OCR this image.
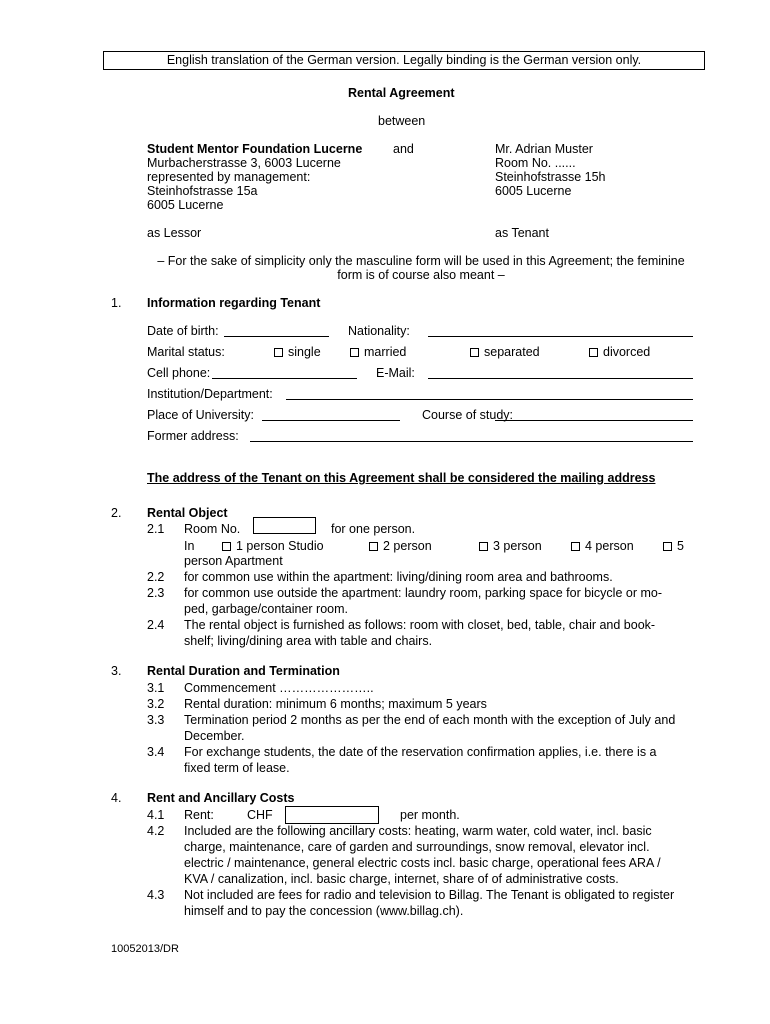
English translation of the German version. Legally binding is the German version only.
Rental Agreement
between
Student Mentor Foundation Lucerne
Murbacherstrasse 3, 6003 Lucerne
represented by management:
Steinhofstrasse 15a
6005 Lucerne
as Lessor
and	Mr. Adrian Muster
Room No. ......
Steinhofstrasse 15h
6005 Lucerne
as Tenant
– For the sake of simplicity only the masculine form will be used in this Agreement; the feminine
form is of course also meant –
1. Information regarding Tenant
Date of birth:	Nationality:
Marital status:	single	married	separated	divorced
Cell phone:	E-Mail:
Institution/Department:
Place of University:	Course of study:
Former address:
The address of the Tenant on this Agreement shall be considered the mailing address
2. Rental Object
2.1 Room No.	for one person.
In	1 person Studio	2 person	3 person	4 person	5
person Apartment
2.2 for common use within the apartment: living/dining room area and bathrooms.
2.3 for common use outside the apartment: laundry room, parking space for bicycle or mo-
ped, garbage/container room.
2.4 The rental object is furnished as follows: room with closet, bed, table, chair and book-
shelf; living/dining area with table and chairs.
3. Rental Duration and Termination
3.1 Commencement …………………..
3.2 Rental duration: minimum 6 months; maximum 5 years
3.3 Termination period 2 months as per the end of each month with the exception of July and
December.
3.4 For exchange students, the date of the reservation confirmation applies, i.e. there is a
fixed term of lease.
4. Rent and Ancillary Costs
4.1 Rent:	CHF	per month.
4.2 Included are the following ancillary costs: heating, warm water, cold water, incl. basic
charge, maintenance, care of garden and surroundings, snow removal, elevator incl.
electric / maintenance, general electric costs incl. basic charge, operational fees ARA /
KVA / canalization, incl. basic charge, internet, share of of administrative costs.
4.3 Not included are fees for radio and television to Billag. The Tenant is obligated to register
himself and to pay the concession (www.billag.ch).
10052013/DR
